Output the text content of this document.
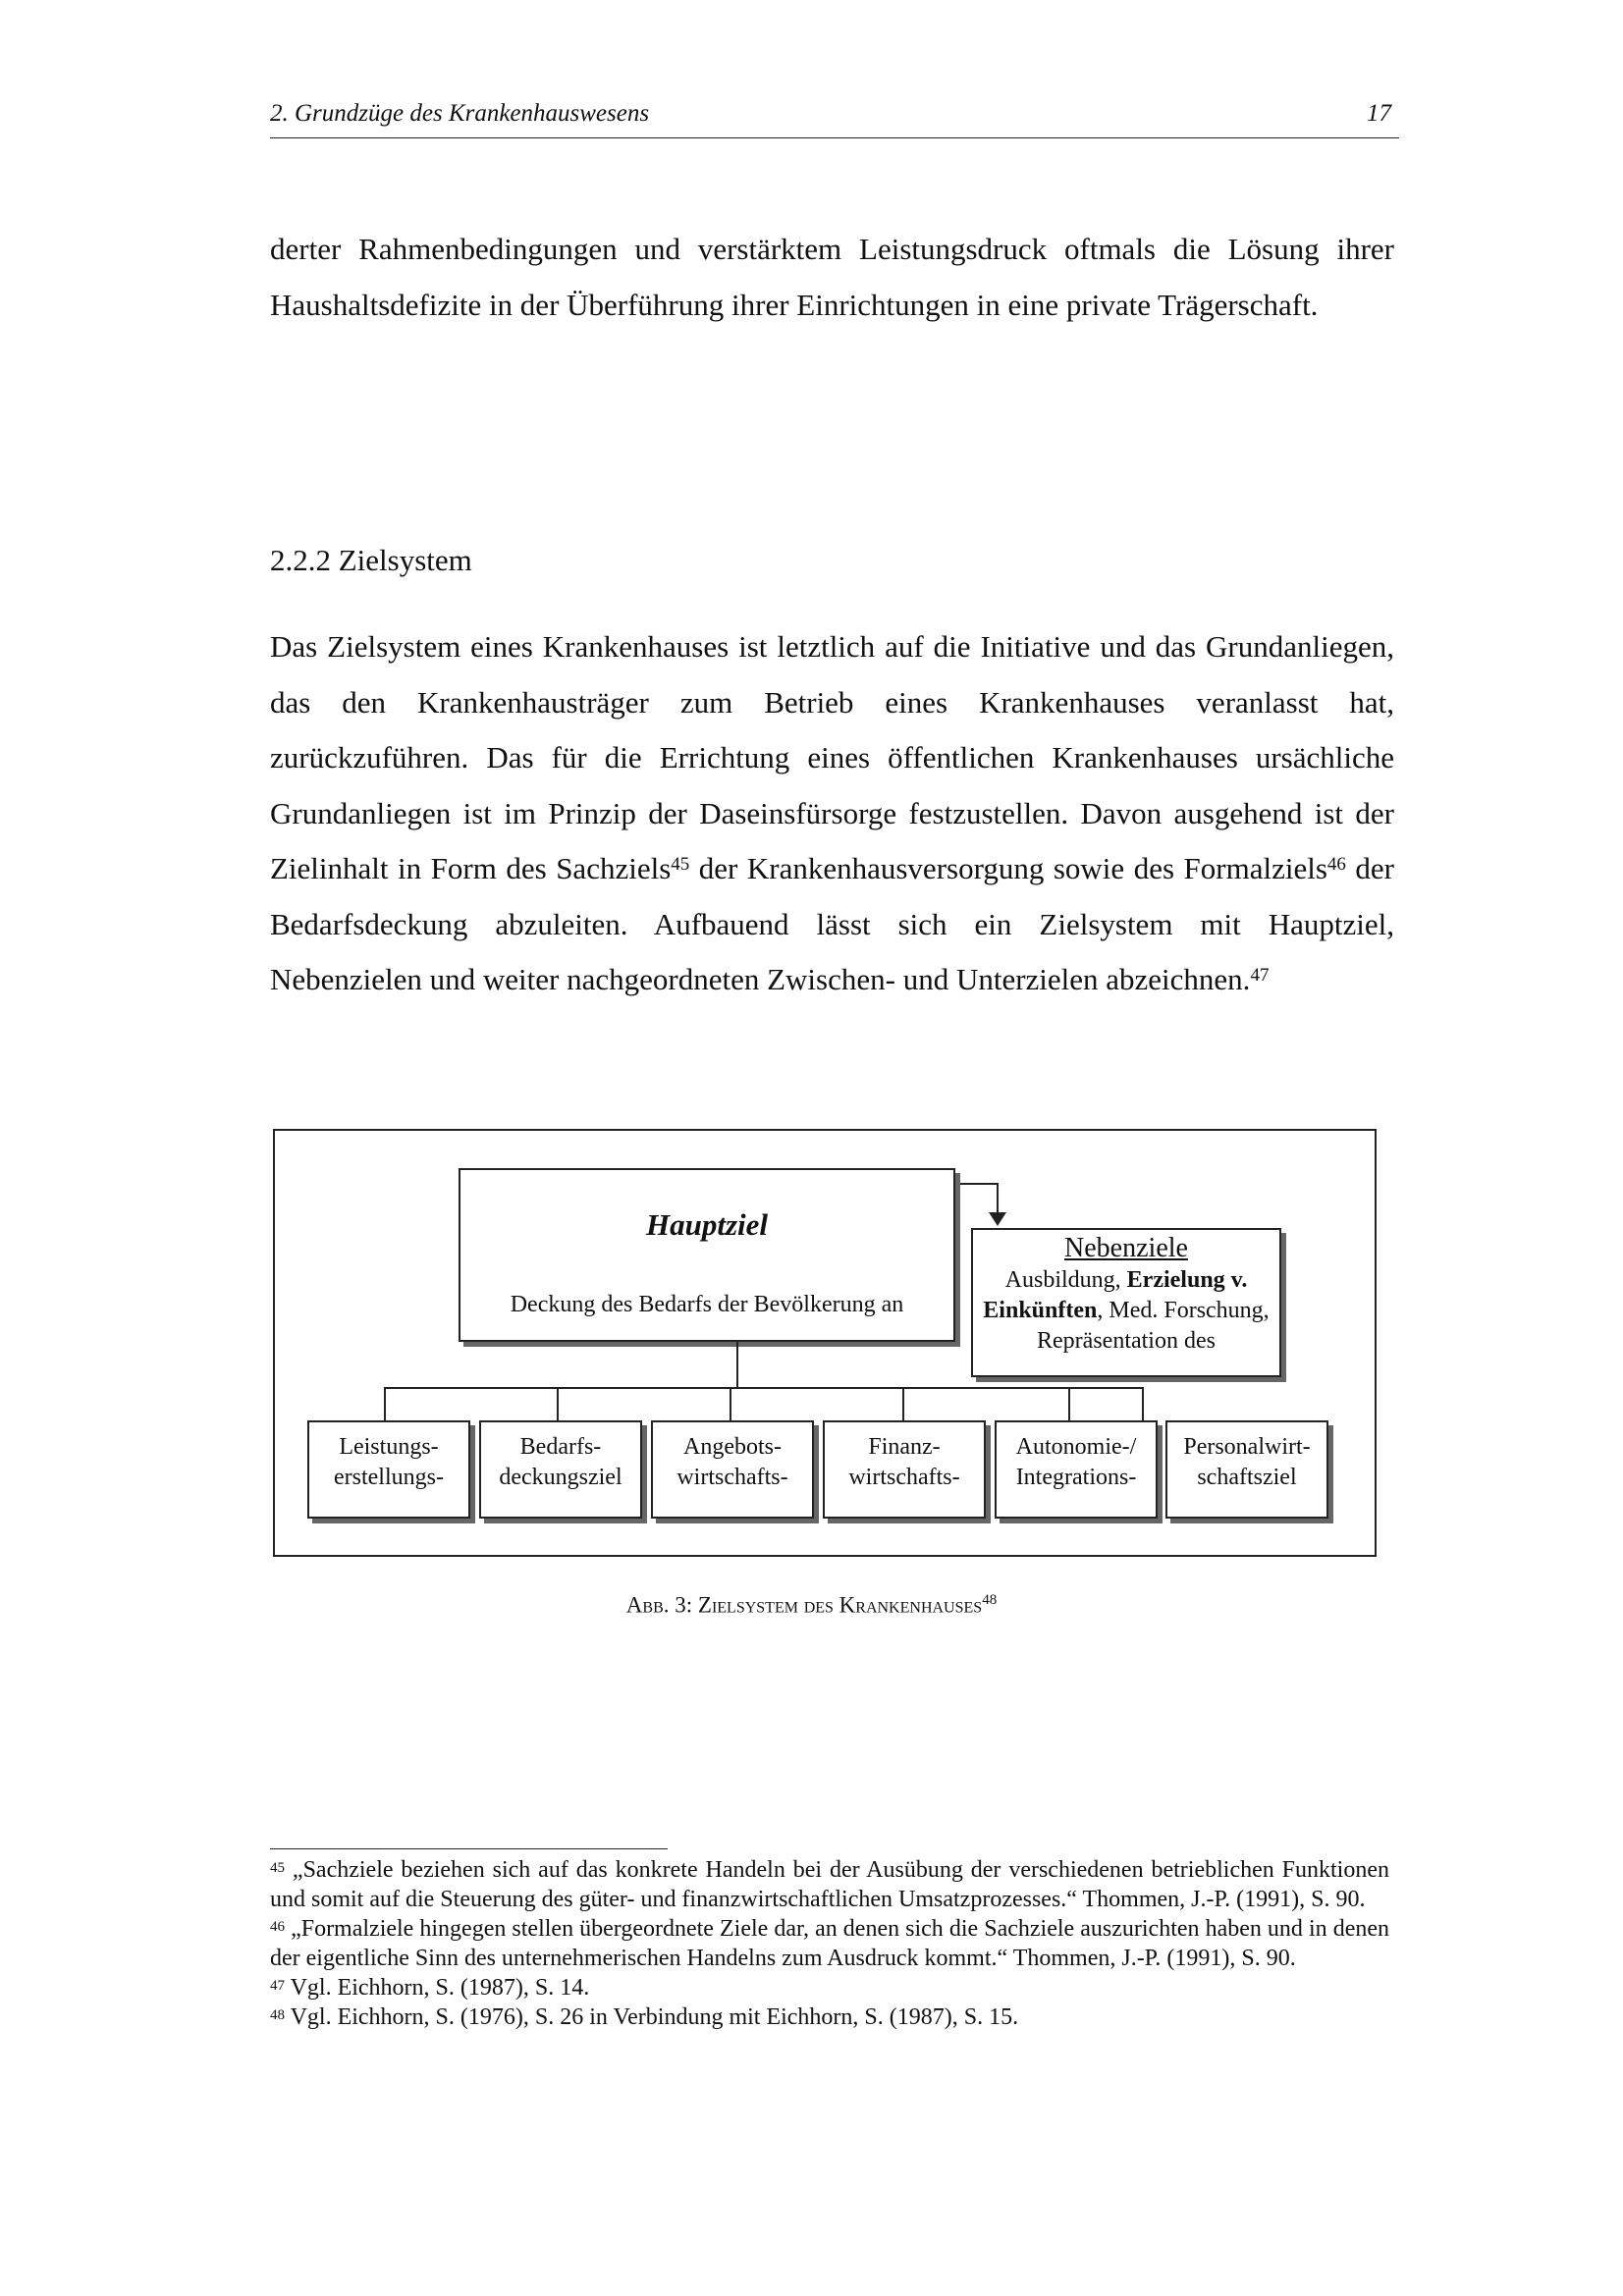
2. Grundzüge des Krankenhauswesens	17

derter Rahmenbedingungen und verstärktem Leistungsdruck oftmals die Lösung ihrer Haushaltsdefizite in der Überführung ihrer Einrichtungen in eine private Trägerschaft.

2.2.2 Zielsystem

Das Zielsystem eines Krankenhauses ist letztlich auf die Initiative und das Grundanliegen, das den Krankenhausträger zum Betrieb eines Krankenhauses veranlasst hat, zurückzuführen. Das für die Errichtung eines öffentlichen Krankenhauses ursächliche Grundanliegen ist im Prinzip der Daseinsfürsorge festzustellen. Davon ausgehend ist der Zielinhalt in Form des Sachziels$^{45}$ der Krankenhausversorgung sowie des Formalziels$^{46}$ der Bedarfsdeckung abzuleiten. Aufbauend lässt sich ein Zielsystem mit Hauptziel, Nebenzielen und weiter nachgeordneten Zwischen- und Unterzielen abzeichnen.$^{47}$

Hauptziel
Deckung des Bedarfs der Bevölkerung an
Nebenziele
Ausbildung, Erzielung v. Einkünften, Med. Forschung, Repräsentation des
Leistungs-
erstellungs-
Bedarfs-
deckungsziel
Angebots-
wirtschafts-
Finanz-
wirtschafts-
Autonomie-/
Integrations-
Personalwirt-
schaftsziel
Abb. 3: Zielsystem des Krankenhauses$^{48}$

$^{45}$ „Sachziele beziehen sich auf das konkrete Handeln bei der Ausübung der verschiedenen betrieblichen Funktionen und somit auf die Steuerung des güter- und finanzwirtschaftlichen Umsatzprozesses.“ Thommen, J.-P. (1991), S. 90.

$^{46}$ „Formalziele hingegen stellen übergeordnete Ziele dar, an denen sich die Sachziele auszurichten haben und in denen der eigentliche Sinn des unternehmerischen Handelns zum Ausdruck kommt.“ Thommen, J.-P. (1991), S. 90.

$^{47}$ Vgl. Eichhorn, S. (1987), S. 14.

$^{48}$ Vgl. Eichhorn, S. (1976), S. 26 in Verbindung mit Eichhorn, S. (1987), S. 15.
